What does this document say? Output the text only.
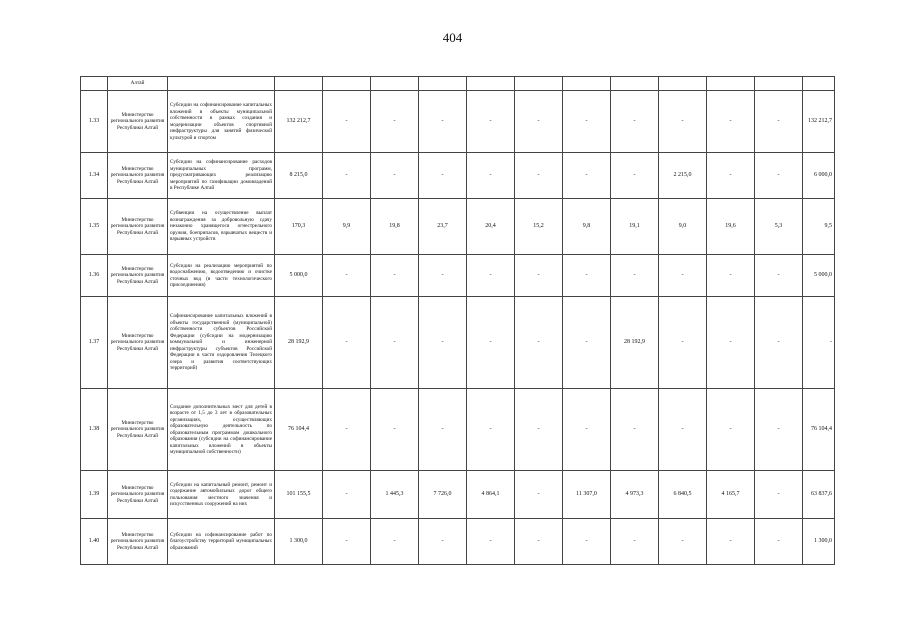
404
	Алтай													
1.33	Министерство регионального развития Республики Алтай	Субсидии на софинансирование капитальных вложений в объекты муниципальной собственности в рамках создания и модернизации объектов спортивной инфраструктуры для занятий физической культурой и спортом	132 212,7	-	-	-	-	-	-	-	-	-	-	132 212,7
1.34	Министерство регионального развития Республики Алтай	Субсидии на софинансирование расходов муниципальных программ, предусматривающих реализацию мероприятий по газификации домовладений в Республике Алтай	8 215,0	-	-	-	-	-	-	-	2 215,0	-	-	6 000,0
1.35	Министерство регионального развития Республики Алтай	Субвенции на осуществление выплат вознаграждения за добровольную сдачу незаконно хранящегося огнестрельного оружия, боеприпасов, взрывчатых веществ и взрывных устройств	170,3	9,9	19,8	23,7	20,4	15,2	9,8	19,1	9,0	19,6	5,3	9,5
1.36	Министерство регионального развития Республики Алтай	Субсидии на реализацию мероприятий по водоснабжению, водоотведению и очистке сточных вод (в части технологического присоединения)	5 000,0	-	-	-	-	-	-	-	-	-	-	5 000,0
1.37	Министерство регионального развития Республики Алтай	Софинансирование капитальных вложений в объекты государственной (муниципальной) собственности субъектов Российской Федерации (субсидии на модернизацию коммунальной и инженерной инфраструктуры субъектов Российской Федерации в части оздоровления Телецкого озера и развития соответствующих территорий)	28 192,9	-	-	-	-	-	-	28 192,9	-	-	-	-
1.38	Министерство регионального развития Республики Алтай	Создание дополнительных мест для детей в возрасте от 1,5 до 3 лет в образовательных организациях, осуществляющих образовательную деятельность по образовательным программам дошкольного образования (субсидии на софинансирование капитальных вложений в объекты муниципальной собственности)	76 104,4	-	-	-	-	-	-	-	-	-	-	76 104,4
1.39	Министерство регионального развития Республики Алтай	Субсидии на капитальный ремонт, ремонт и содержание автомобильных дорог общего пользования местного значения и искусственных сооружений на них	101 155,5	-	1 445,3	7 726,0	4 864,1	-	11 307,0	4 973,3	6 840,5	4 165,7	-	63 837,6
1.40	Министерство регионального развития Республики Алтай	Субсидии на софинансирование работ по благоустройству территорий муниципальных образований	1 300,0	-	-	-	-	-	-	-	-	-	-	1 300,0
